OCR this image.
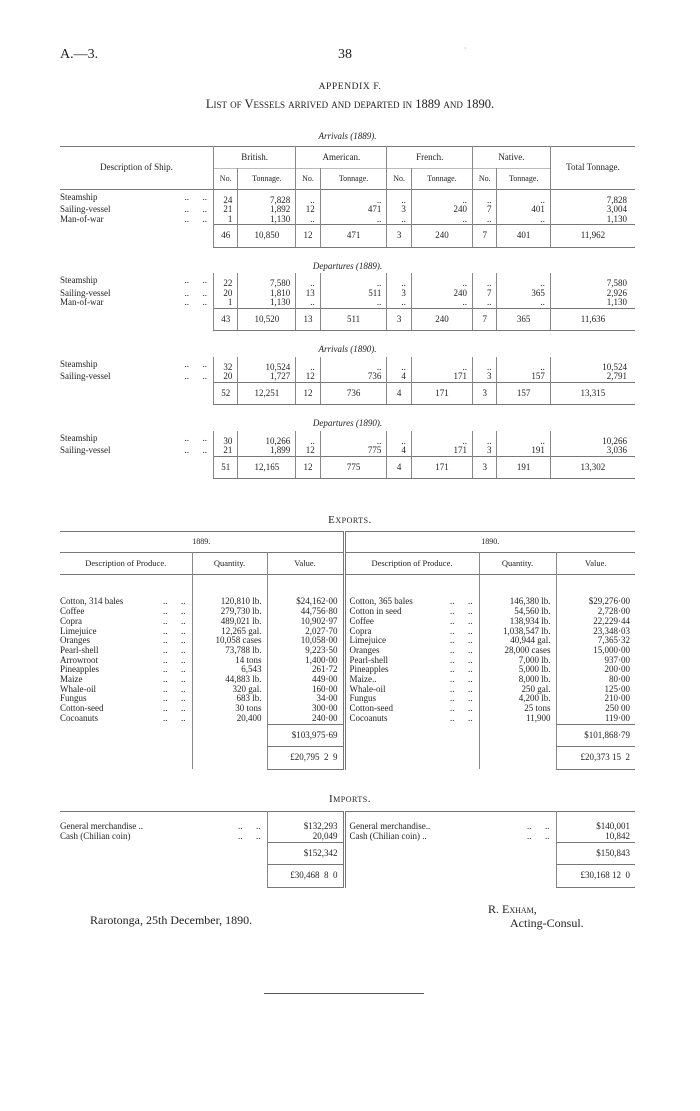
A.—3.	38	·
APPENDIX F.
List of Vessels arrived and departed in 1889 and 1890.
Arrivals (1889).									
Description of Ship.	British.		American.		French.		Native.		Total Tonnage.
	No.	Tonnage.	No.	Tonnage.	No.	Tonnage.	No.	Tonnage.	
Steamship ..      ..	24	7,828	..	..	..	..	..	..	7,828
Sailing-vessel ..      ..	21	1,892	12	471	3	240	7	401	3,004
Man-of-war ..      ..	1	1,130	..	..	..	..	..	..	1,130
	46	10,850	12	471	3	240	7	401	11,962
Departures (1889).									
Steamship ..      ..	22	7,580	..	..	..	..	..	..	7,580
Sailing-vessel ..      ..	20	1,810	13	511	3	240	7	365	2,926
Man-of-war ..      ..	1	1,130	..	..	..	..	..	..	1,130
	43	10,520	13	511	3	240	7	365	11,636
Arrivals (1890).									
Steamship ..      ..	32	10,524	..	..	..	..	..	..	10,524
Sailing-vessel ..      ..	20	1,727	12	736	4	171	3	157	2,791
	52	12,251	12	736	4	171	3	157	13,315
Departures (1890).									
Steamship ..      ..	30	10,266	..	..	..	..	..	..	10,266
Sailing-vessel ..      ..	21	1,899	12	775	4	171	3	191	3,036
	51	12,165	12	775	4	171	3	191	13,302
Exports.
1889.			1890.		
Description of Produce.	Quantity.	Value.	Description of Produce.	Quantity.	Value.
Cotton, 314 bales ..      ..	120,810 lb.	$24,162·00	Cotton, 365 bales ..      ..	146,380 lb.	$29,276·00
Coffee ..      ..	279,730 lb.	44,756·80	Cotton in seed ..      ..	54,560 lb.	2,728·00
Copra ..      ..	489,021 lb.	10,902·97	Coffee ..      ..	138,934 lb.	22,229·44
Limejuice ..      ..	12,265 gal.	2,027·70	Copra ..      ..	1,038,547 lb.	23,348·03
Oranges ..      ..	10,058 cases	10,058·00	Limejuice ..      ..	40,944 gal.	7,365·32
Pearl-shell ..      ..	73,788 lb.	9,223·50	Oranges ..      ..	28,000 cases	15,000·00
Arrowroot ..      ..	14 tons	1,400·00	Pearl-shell ..      ..	7,000 lb.	937·00
Pineapples ..      ..	6,543	261·72	Pineapples ..      ..	5,000 lb.	200·00
Maize ..      ..	44,883 lb.	449·00	Maize.. ..      ..	8,000 lb.	80·00
Whale-oil ..      ..	320 gal.	160·00	Whale-oil ..      ..	250 gal.	125·00
Fungus ..      ..	683 lb.	34·00	Fungus ..      ..	4,200 lb.	210·00
Cotton-seed ..      ..	30 tons	300·00	Cotton-seed ..      ..	25 tons	250 00
Cocoanuts ..      ..	20,400	240·00	Cocoanuts ..      ..	11,900	119·00
		$103,975·69			$101,868·79
		£20,795  2  9			£20,373 15  2
Imports.

General merchandise .. ..      ..	$132,293	General merchandise.. ..      ..	$140,001
Cash (Chilian coin) ..      ..	20,049	Cash (Chilian coin) .. ..      ..	10,842
	$152,342		$150,843
	£30,468  8  0		£30,168 12  0
Rarotonga, 25th December, 1890.
R. Exham,
Acting-Consul.
